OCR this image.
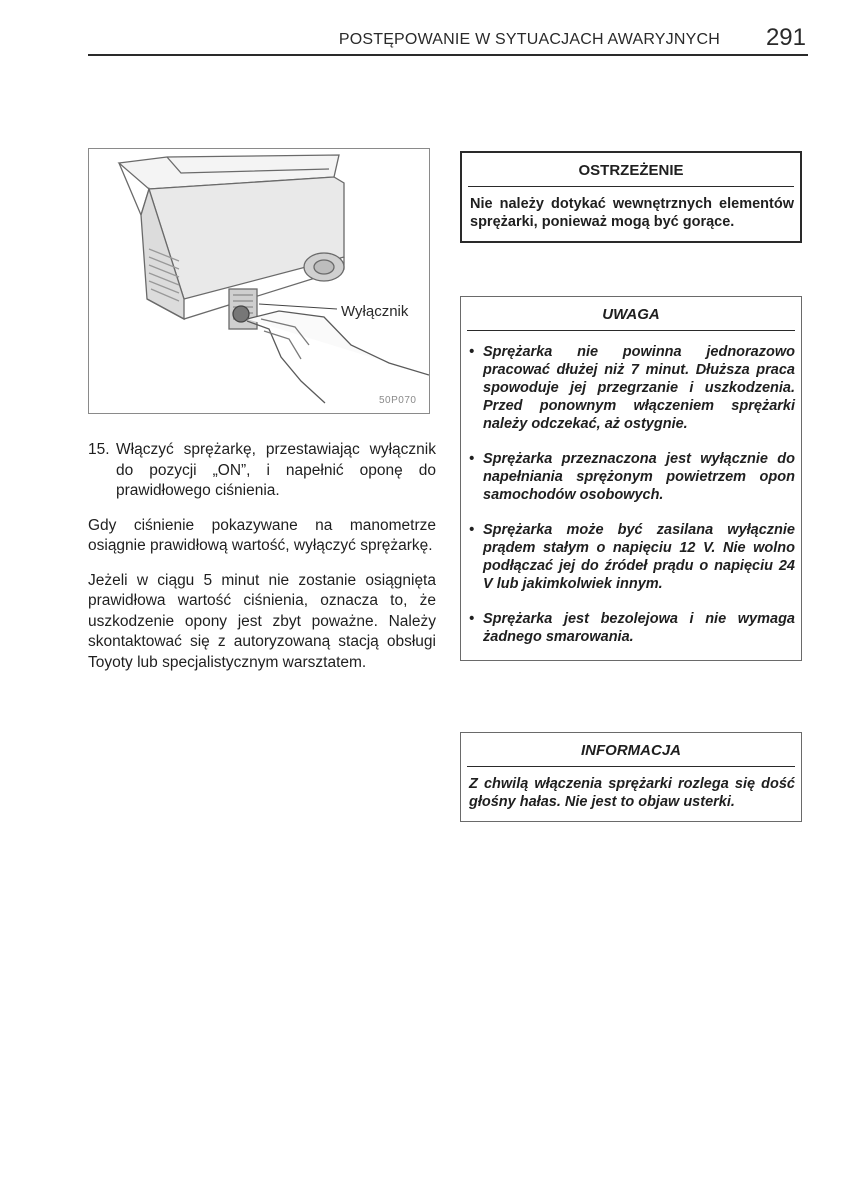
POSTĘPOWANIE W SYTUACJACH AWARYJNYCH 291
Wyłącznik
50P070
15. Włączyć sprężarkę, przestawiając wyłącznik do pozycji „ON”, i napełnić oponę do prawidłowego ciśnienia.
Gdy ciśnienie pokazywane na manometrze osiągnie prawidłową wartość, wyłączyć sprężarkę.
Jeżeli w ciągu 5 minut nie zostanie osiągnięta prawidłowa wartość ciśnienia, oznacza to, że uszkodzenie opony jest zbyt poważne. Należy skontaktować się z autoryzowaną stacją obsługi Toyoty lub specjalistycznym warsztatem.
OSTRZEŻENIE
Nie należy dotykać wewnętrznych elementów sprężarki, ponieważ mogą być gorące.
UWAGA
• Sprężarka nie powinna jednorazowo pracować dłużej niż 7 minut. Dłuższa praca spowoduje jej przegrzanie i uszkodzenia. Przed ponownym włączeniem sprężarki należy odczekać, aż ostygnie.
• Sprężarka przeznaczona jest wyłącznie do napełniania sprężonym powietrzem opon samochodów osobowych.
• Sprężarka może być zasilana wyłącznie prądem stałym o napięciu 12 V. Nie wolno podłączać jej do źródeł prądu o napięciu 24 V lub jakimkolwiek innym.
• Sprężarka jest bezolejowa i nie wymaga żadnego smarowania.
INFORMACJA
Z chwilą włączenia sprężarki rozlega się dość głośny hałas. Nie jest to objaw usterki.
